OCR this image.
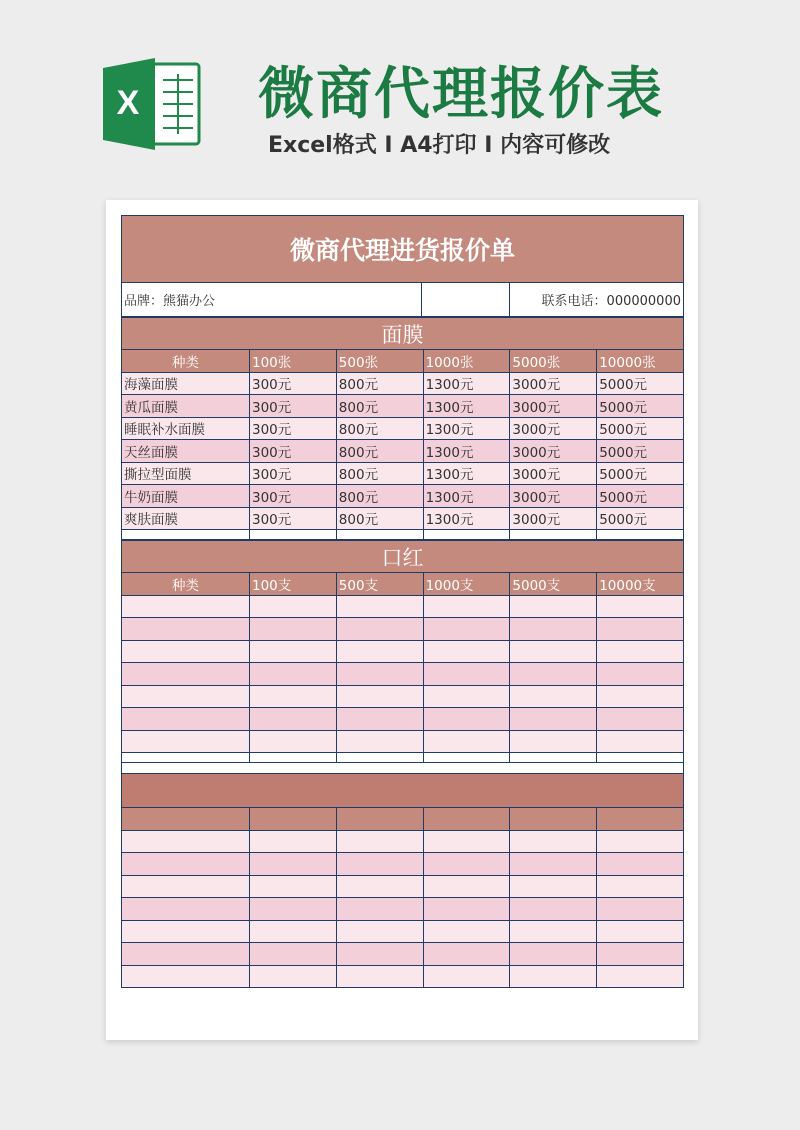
X 微商代理报价表
Excel格式 I A4打印 I 内容可修改
微商代理进货报价单
品牌：熊猫办公	联系电话：000000000
面膜
种类	100张	500张	1000张	5000张	10000张
海藻面膜	300元	800元	1300元	3000元	5000元
黄瓜面膜	300元	800元	1300元	3000元	5000元
睡眠补水面膜	300元	800元	1300元	3000元	5000元
天丝面膜	300元	800元	1300元	3000元	5000元
撕拉型面膜	300元	800元	1300元	3000元	5000元
牛奶面膜	300元	800元	1300元	3000元	5000元
爽肤面膜	300元	800元	1300元	3000元	5000元

口红
种类	100支	500支	1000支	5000支	10000支
